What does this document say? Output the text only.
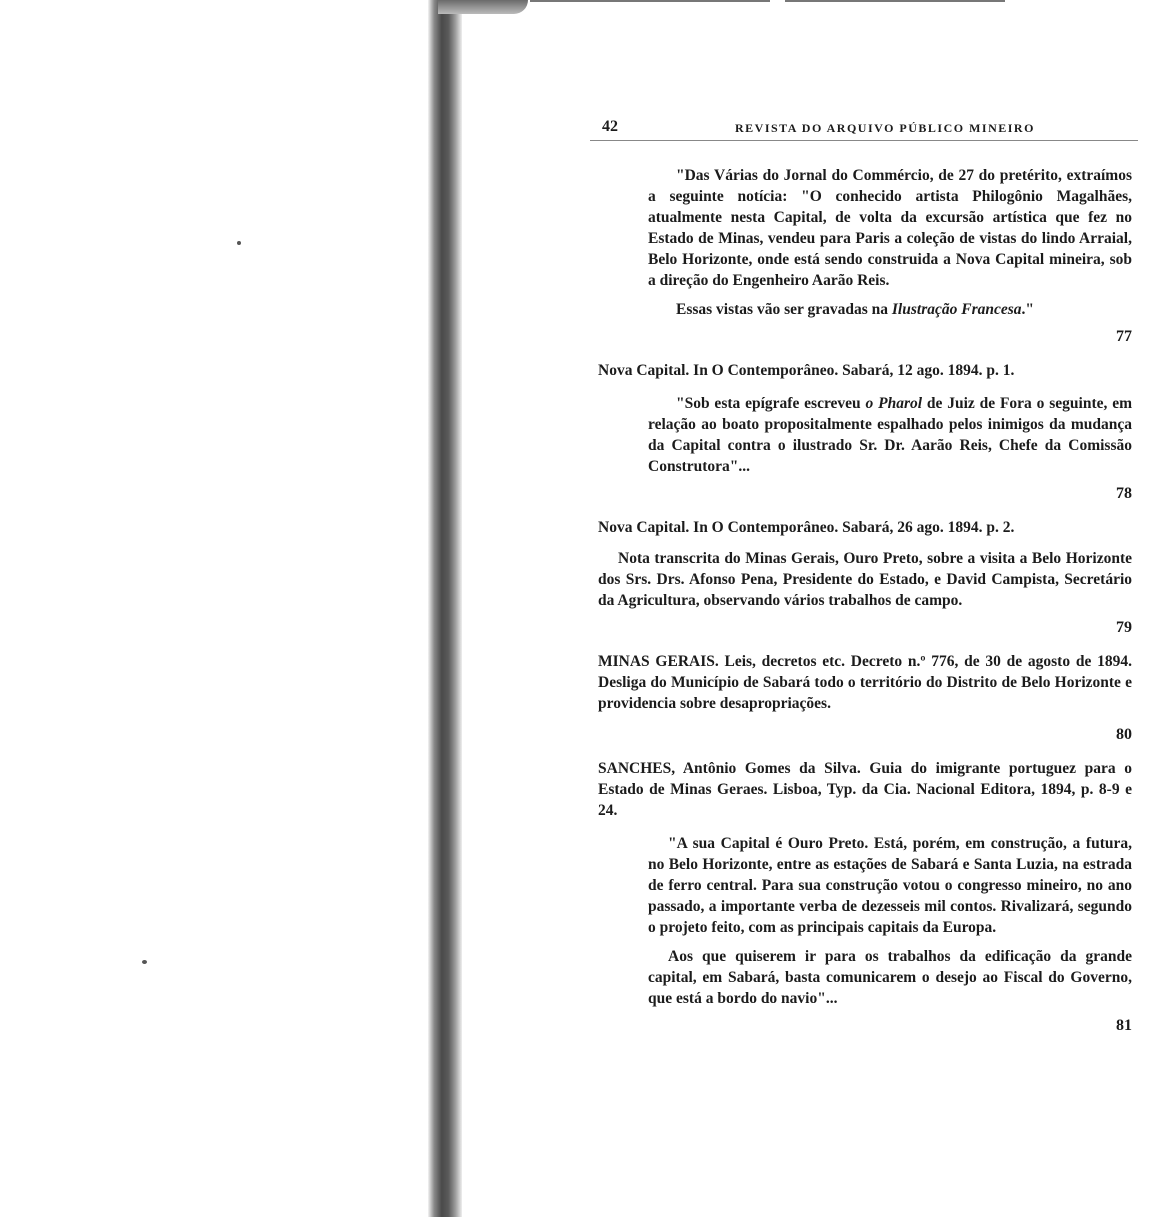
42	REVISTA DO ARQUIVO PÚBLICO MINEIRO

"Das Várias do Jornal do Commércio, de 27 do pretérito, extraímos a seguinte notícia: "O conhecido artista Philogônio Magalhães, atualmente nesta Capital, de volta da excursão artística que fez no Estado de Minas, vendeu para Paris a coleção de vistas do lindo Arraial, Belo Horizonte, onde está sendo construida a Nova Capital mineira, sob a direção do Engenheiro Aarão Reis.

Essas vistas vão ser gravadas na Ilustração Francesa."

77
Nova Capital. In O Contemporâneo. Sabará, 12 ago. 1894. p. 1.

"Sob esta epígrafe escreveu o Pharol de Juiz de Fora o seguinte, em relação ao boato propositalmente espalhado pelos inimigos da mudança da Capital contra o ilustrado Sr. Dr. Aarão Reis, Chefe da Comissão Construtora"...

78
Nova Capital. In O Contemporâneo. Sabará, 26 ago. 1894. p. 2.

Nota transcrita do Minas Gerais, Ouro Preto, sobre a visita a Belo Horizonte dos Srs. Drs. Afonso Pena, Presidente do Estado, e David Campista, Secretário da Agricultura, observando vários trabalhos de campo.

79
MINAS GERAIS. Leis, decretos etc. Decreto n.º 776, de 30 de agosto de 1894. Desliga do Município de Sabará todo o território do Distrito de Belo Horizonte e providencia sobre desapropriações.
80
SANCHES, Antônio Gomes da Silva. Guia do imigrante portuguez para o Estado de Minas Geraes. Lisboa, Typ. da Cia. Nacional Editora, 1894, p. 8-9 e 24.

"A sua Capital é Ouro Preto. Está, porém, em construção, a futura, no Belo Horizonte, entre as estações de Sabará e Santa Luzia, na estrada de ferro central. Para sua construção votou o congresso mineiro, no ano passado, a importante verba de dezesseis mil contos. Rivalizará, segundo o projeto feito, com as principais capitais da Europa.

Aos que quiserem ir para os trabalhos da edificação da grande capital, em Sabará, basta comunicarem o desejo ao Fiscal do Governo, que está a bordo do navio"...

81
